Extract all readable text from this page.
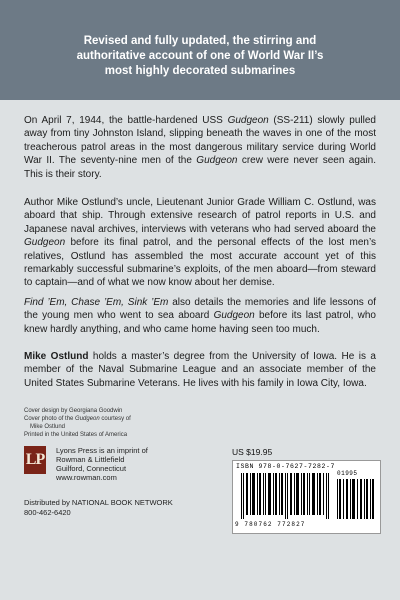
Revised and fully updated, the stirring and
authoritative account of one of World War II’s
most highly decorated submarines

On April 7, 1944, the battle-hardened USS Gudgeon (SS-211) slowly pulled away from tiny Johnston Island, slipping beneath the waves in one of the most treacherous patrol areas in the most dangerous military service during World War II. The seventy-nine men of the Gudgeon crew were never seen again. This is their story.

Author Mike Ostlund’s uncle, Lieutenant Junior Grade William C. Ostlund, was aboard that ship. Through extensive research of patrol reports in U.S. and Japanese naval archives, interviews with veterans who had served aboard the Gudgeon before its final patrol, and the personal effects of the lost men’s relatives, Ostlund has assembled the most accurate account yet of this remarkably successful submarine’s exploits, of the men aboard—from steward to captain—and of what we now know about her demise.

Find ’Em, Chase ’Em, Sink ’Em also details the memories and life lessons of the young men who went to sea aboard Gudgeon before its last patrol, who knew hardly anything, and who came home having seen too much.

Mike Ostlund holds a master’s degree from the University of Iowa. He is a member of the Naval Submarine League and an associate member of the United States Submarine Veterans. He lives with his family in Iowa City, Iowa.

Cover design by Georgiana Goodwin
Cover photo of the Gudgeon courtesy of
Mike Ostlund
Printed in the United States of America
LP
Lyons Press is an imprint of
Rowman & Littlefield
Guilford, Connecticut
www.rowman.com
Distributed by NATIONAL BOOK NETWORK
800-462-6420
US $19.95
ISBN 978-0-7627-7282-7
01995
9 780762 772827
